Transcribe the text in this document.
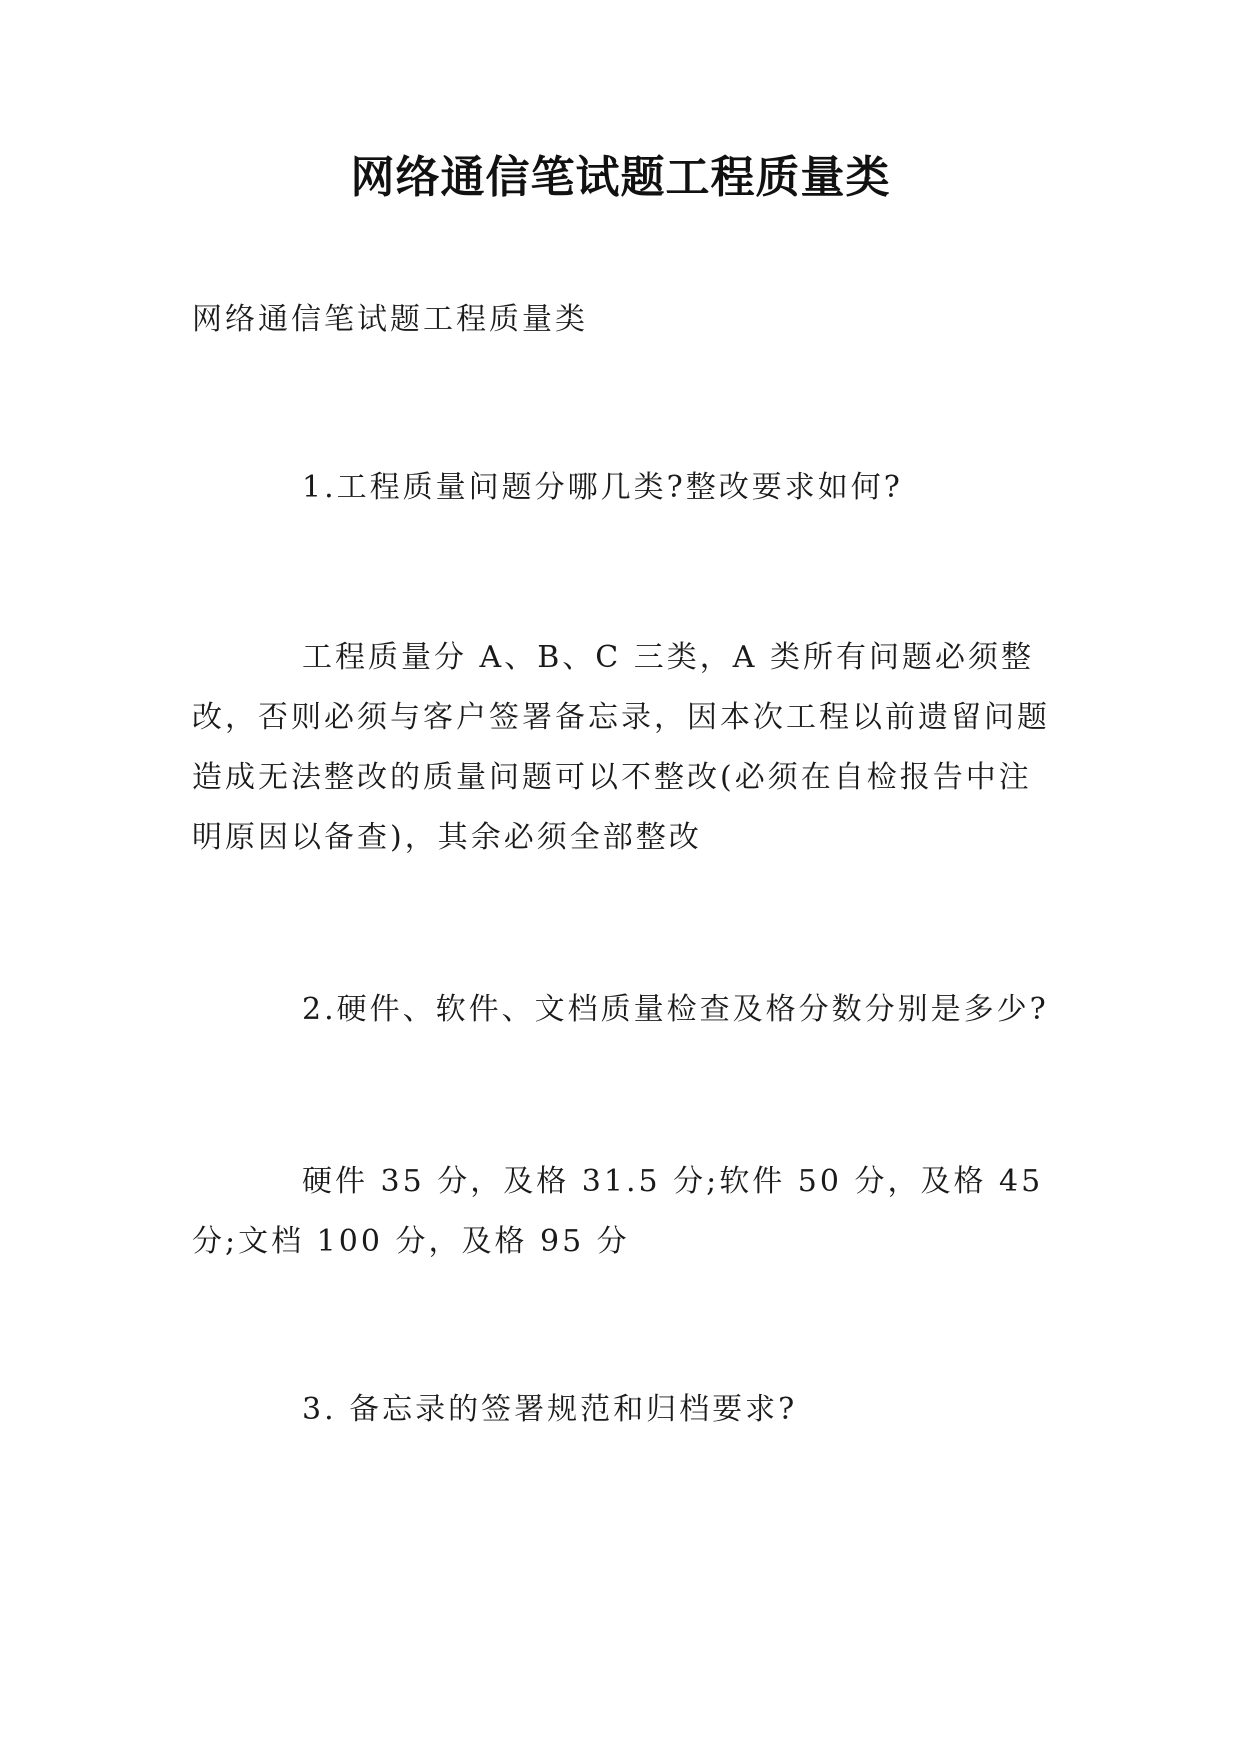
网络通信笔试题工程质量类
网络通信笔试题工程质量类
1.工程质量问题分哪几类?整改要求如何?
工程质量分 A、B、C 三类，A 类所有问题必须整改，否则必须与客户签署备忘录，因本次工程以前遗留问题造成无法整改的质量问题可以不整改(必须在自检报告中注明原因以备查)，其余必须全部整改
2.硬件、软件、文档质量检查及格分数分别是多少?
硬件 35 分，及格 31.5 分;软件 50 分，及格 45 分;文档 100 分，及格 95 分
3. 备忘录的签署规范和归档要求?
